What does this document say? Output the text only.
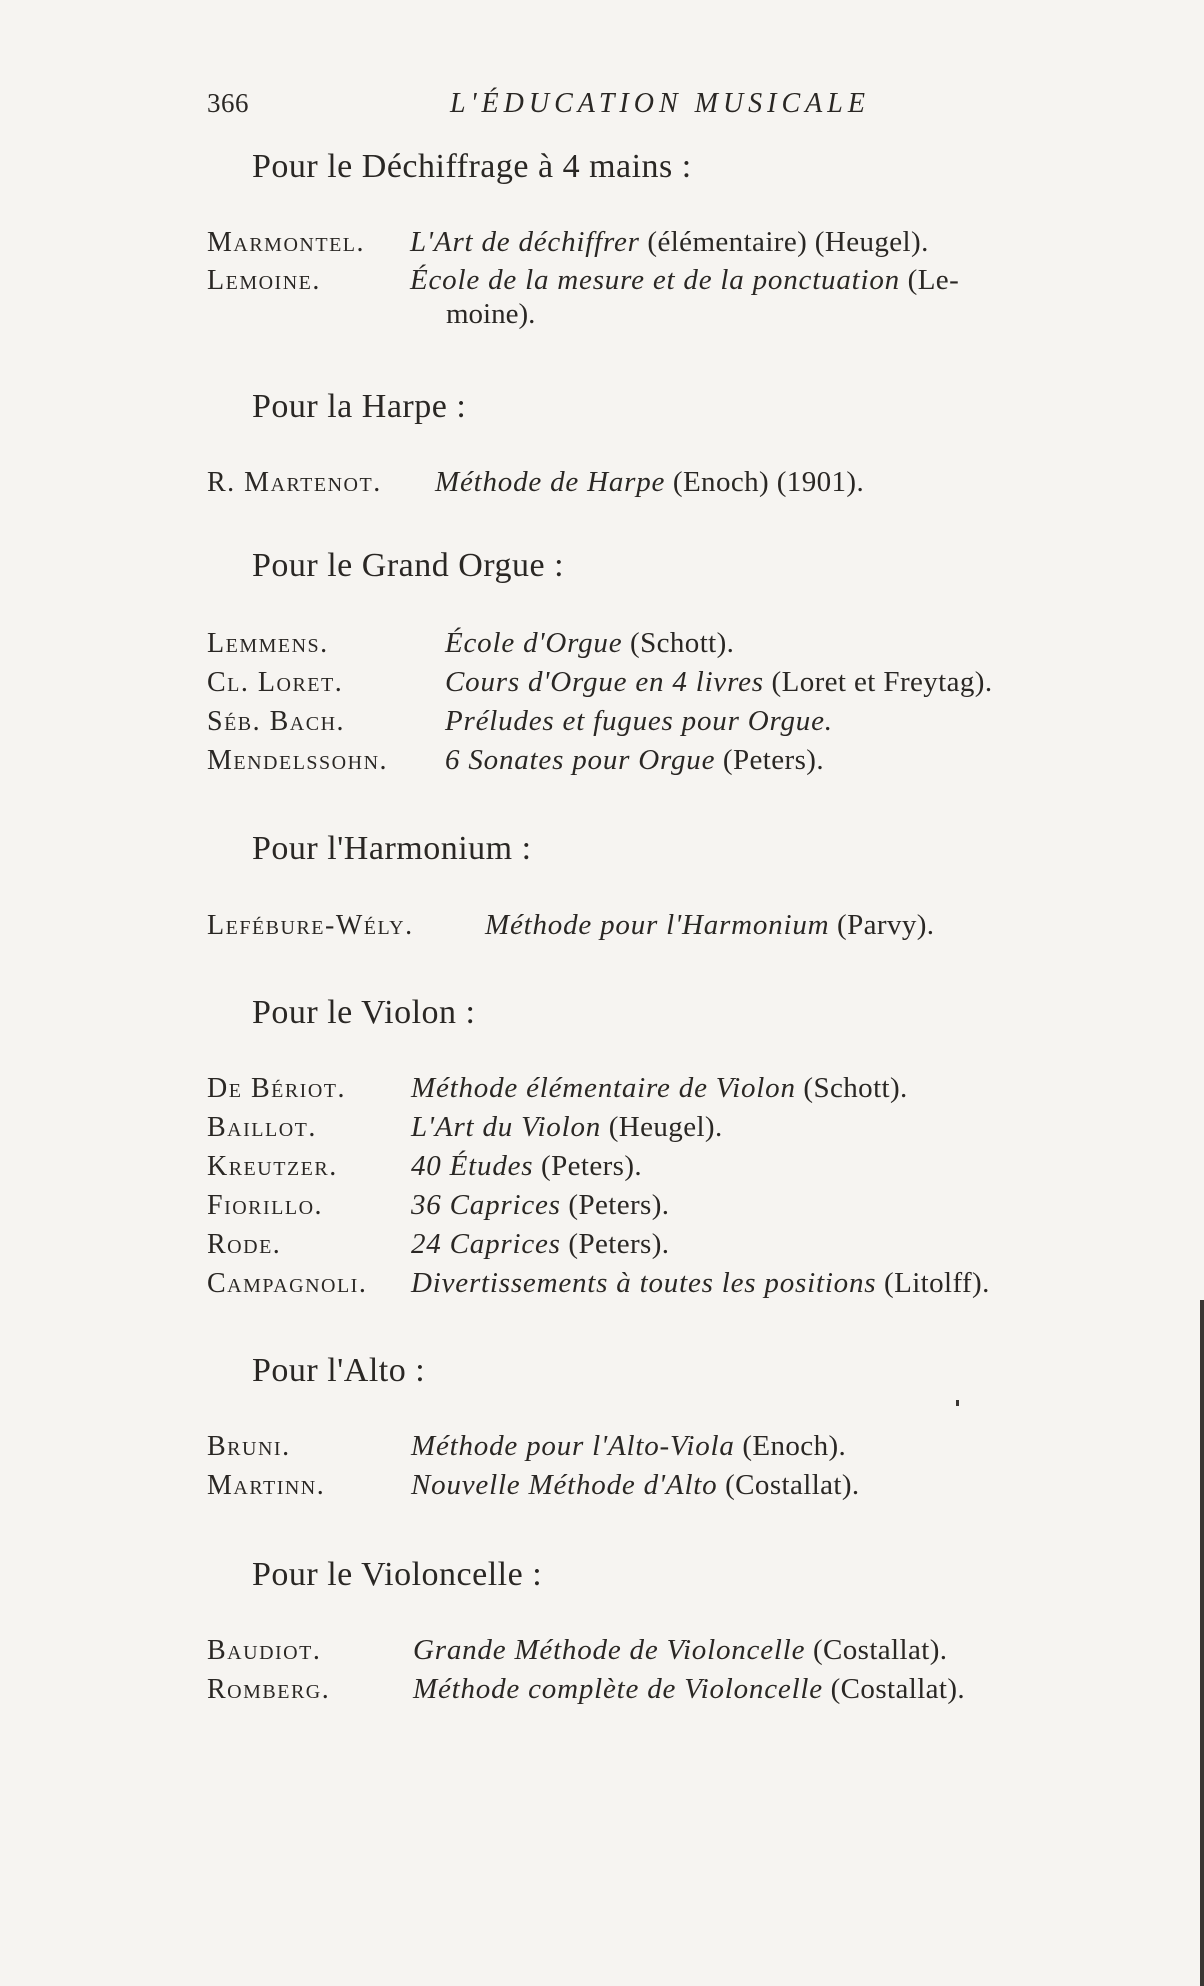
366	L'ÉDUCATION MUSICALE
Pour le Déchiffrage à 4 mains :
Marmontel. L'Art de déchiffrer (élémentaire) (Heugel).
Lemoine.	École de la mesure et de la ponctuation (Le-
moine).
Pour la Harpe :
R. Martenot. Méthode de Harpe (Enoch) (1901).
Pour le Grand Orgue :
Lemmens.	École d'Orgue (Schott).
Cl. Loret.	Cours d'Orgue en 4 livres (Loret et Freytag).
Séb. Bach.	Préludes et fugues pour Orgue.
Mendelssohn. 6 Sonates pour Orgue (Peters).
Pour l'Harmonium :
Lefébure-Wély. Méthode pour l'Harmonium (Parvy).
Pour le Violon :
De Bériot. Méthode élémentaire de Violon (Schott).
Baillot.	L'Art du Violon (Heugel).
Kreutzer.	40 Études (Peters).
Fiorillo.	36 Caprices (Peters).
Rode.	24 Caprices (Peters).
Campagnoli. Divertissements à toutes les positions (Litolff).
Pour l'Alto :
Bruni.	Méthode pour l'Alto-Viola (Enoch).
Martinn.	Nouvelle Méthode d'Alto (Costallat).
Pour le Violoncelle :
Baudiot.	Grande Méthode de Violoncelle (Costallat).
Romberg.	Méthode complète de Violoncelle (Costallat).
